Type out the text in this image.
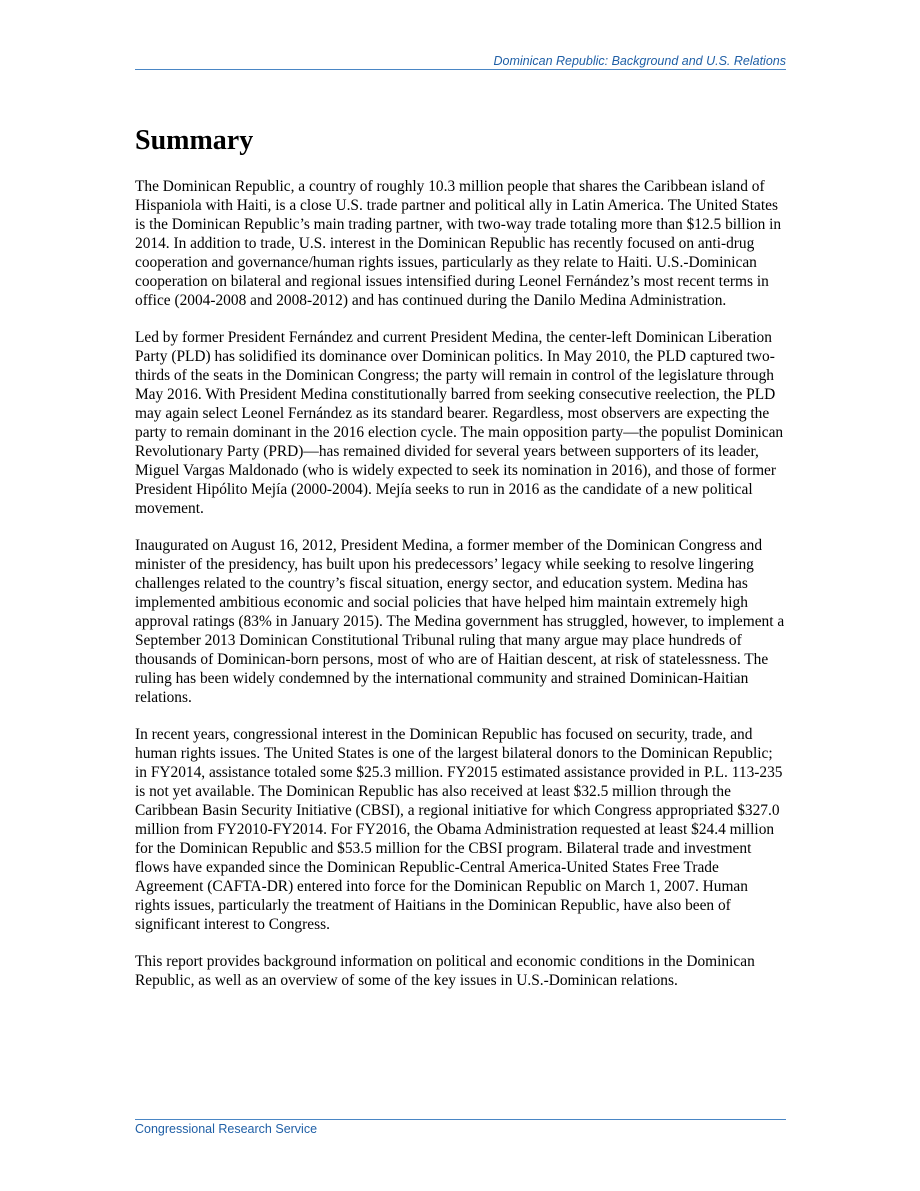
Dominican Republic: Background and U.S. Relations
Summary

The Dominican Republic, a country of roughly 10.3 million people that shares the Caribbean island of Hispaniola with Haiti, is a close U.S. trade partner and political ally in Latin America. The United States is the Dominican Republic’s main trading partner, with two-way trade totaling more than $12.5 billion in 2014. In addition to trade, U.S. interest in the Dominican Republic has recently focused on anti-drug cooperation and governance/human rights issues, particularly as they relate to Haiti. U.S.-Dominican cooperation on bilateral and regional issues intensified during Leonel Fernández’s most recent terms in office (2004-2008 and 2008-2012) and has continued during the Danilo Medina Administration.

Led by former President Fernández and current President Medina, the center-left Dominican Liberation Party (PLD) has solidified its dominance over Dominican politics. In May 2010, the PLD captured two-thirds of the seats in the Dominican Congress; the party will remain in control of the legislature through May 2016. With President Medina constitutionally barred from seeking consecutive reelection, the PLD may again select Leonel Fernández as its standard bearer. Regardless, most observers are expecting the party to remain dominant in the 2016 election cycle. The main opposition party—the populist Dominican Revolutionary Party (PRD)—has remained divided for several years between supporters of its leader, Miguel Vargas Maldonado (who is widely expected to seek its nomination in 2016), and those of former President Hipólito Mejía (2000-2004). Mejía seeks to run in 2016 as the candidate of a new political movement.

Inaugurated on August 16, 2012, President Medina, a former member of the Dominican Congress and minister of the presidency, has built upon his predecessors’ legacy while seeking to resolve lingering challenges related to the country’s fiscal situation, energy sector, and education system. Medina has implemented ambitious economic and social policies that have helped him maintain extremely high approval ratings (83% in January 2015). The Medina government has struggled, however, to implement a September 2013 Dominican Constitutional Tribunal ruling that many argue may place hundreds of thousands of Dominican-born persons, most of who are of Haitian descent, at risk of statelessness. The ruling has been widely condemned by the international community and strained Dominican-Haitian relations.

In recent years, congressional interest in the Dominican Republic has focused on security, trade, and human rights issues. The United States is one of the largest bilateral donors to the Dominican Republic; in FY2014, assistance totaled some $25.3 million. FY2015 estimated assistance provided in P.L. 113-235 is not yet available. The Dominican Republic has also received at least $32.5 million through the Caribbean Basin Security Initiative (CBSI), a regional initiative for which Congress appropriated $327.0 million from FY2010-FY2014. For FY2016, the Obama Administration requested at least $24.4 million for the Dominican Republic and $53.5 million for the CBSI program. Bilateral trade and investment flows have expanded since the Dominican Republic-Central America-United States Free Trade Agreement (CAFTA-DR) entered into force for the Dominican Republic on March 1, 2007. Human rights issues, particularly the treatment of Haitians in the Dominican Republic, have also been of significant interest to Congress.

This report provides background information on political and economic conditions in the Dominican Republic, as well as an overview of some of the key issues in U.S.-Dominican relations.

Congressional Research Service
